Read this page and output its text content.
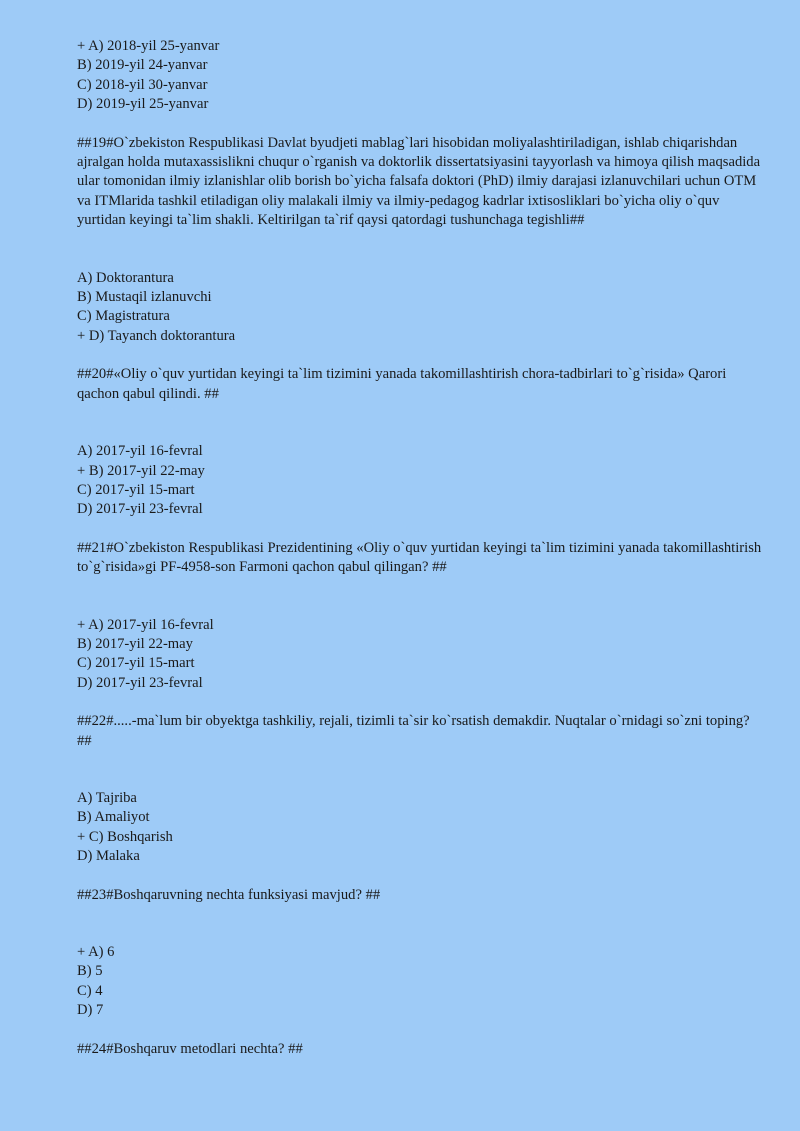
+ A) 2018-yil 25-yanvar

B) 2019-yil 24-yanvar

C) 2018-yil 30-yanvar

D) 2019-yil 25-yanvar

##19#O`zbekiston Respublikasi Davlat byudjeti mablag`lari hisobidan moliyalashtiriladigan, ishlab chiqarishdan ajralgan holda mutaxassislikni chuqur o`rganish va doktorlik dissertatsiyasini tayyorlash va himoya qilish maqsadida ular tomonidan ilmiy izlanishlar olib borish bo`yicha falsafa doktori (PhD) ilmiy darajasi izlanuvchilari uchun OTM va ITMlarida tashkil etiladigan oliy malakali ilmiy va ilmiy-pedagog kadrlar ixtisosliklari bo`yicha oliy o`quv yurtidan keyingi ta`lim shakli. Keltirilgan ta`rif qaysi qatordagi tushunchaga tegishli##

A) Doktorantura

B) Mustaqil izlanuvchi

C) Magistratura

+ D) Tayanch doktorantura

##20#«Oliy o`quv yurtidan keyingi ta`lim tizimini yanada takomillashtirish chora-tadbirlari to`g`risida» Qarori qachon qabul qilindi. ##

A) 2017-yil 16-fevral

+ B) 2017-yil 22-may

C) 2017-yil 15-mart

D) 2017-yil 23-fevral

##21#O`zbekiston Respublikasi Prezidentining «Oliy o`quv yurtidan keyingi ta`lim tizimini yanada takomillashtirish to`g`risida»gi PF-4958-son Farmoni qachon qabul qilingan? ##

+ A) 2017-yil 16-fevral

B) 2017-yil 22-may

C) 2017-yil 15-mart

D) 2017-yil 23-fevral

##22#.....-ma`lum bir obyektga tashkiliy, rejali, tizimli ta`sir ko`rsatish demakdir. Nuqtalar o`rnidagi so`zni toping? ##

A) Tajriba

B) Amaliyot

+ C) Boshqarish

D) Malaka

##23#Boshqaruvning nechta funksiyasi mavjud? ##

+ A) 6

B) 5

C) 4

D) 7

##24#Boshqaruv metodlari nechta? ##
